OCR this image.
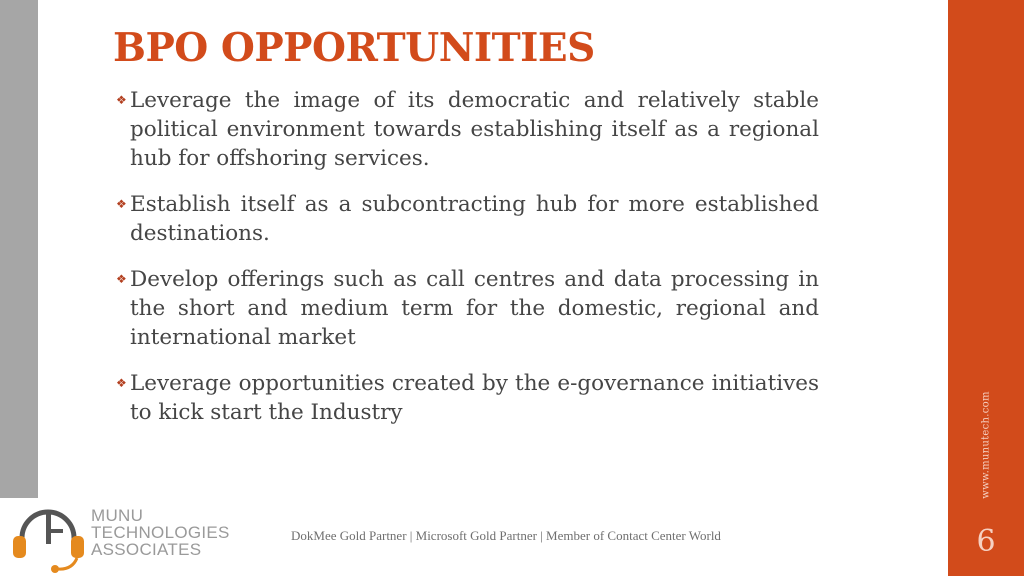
BPO OPPORTUNITIES
❖ Leverage the image of its democratic and relatively stable political environment towards establishing itself as a regional hub for offshoring services.
❖ Establish itself as a subcontracting hub for more established destinations.
❖ Develop offerings such as call centres and data processing in the short and medium term for the domestic, regional and international market
❖ Leverage opportunities created by the e-governance initiatives to kick start the Industry	www.munutech.com
6
MUNU
TECHNOLOGIES
ASSOCIATES
DokMee Gold Partner | Microsoft Gold Partner | Member of Contact Center World
